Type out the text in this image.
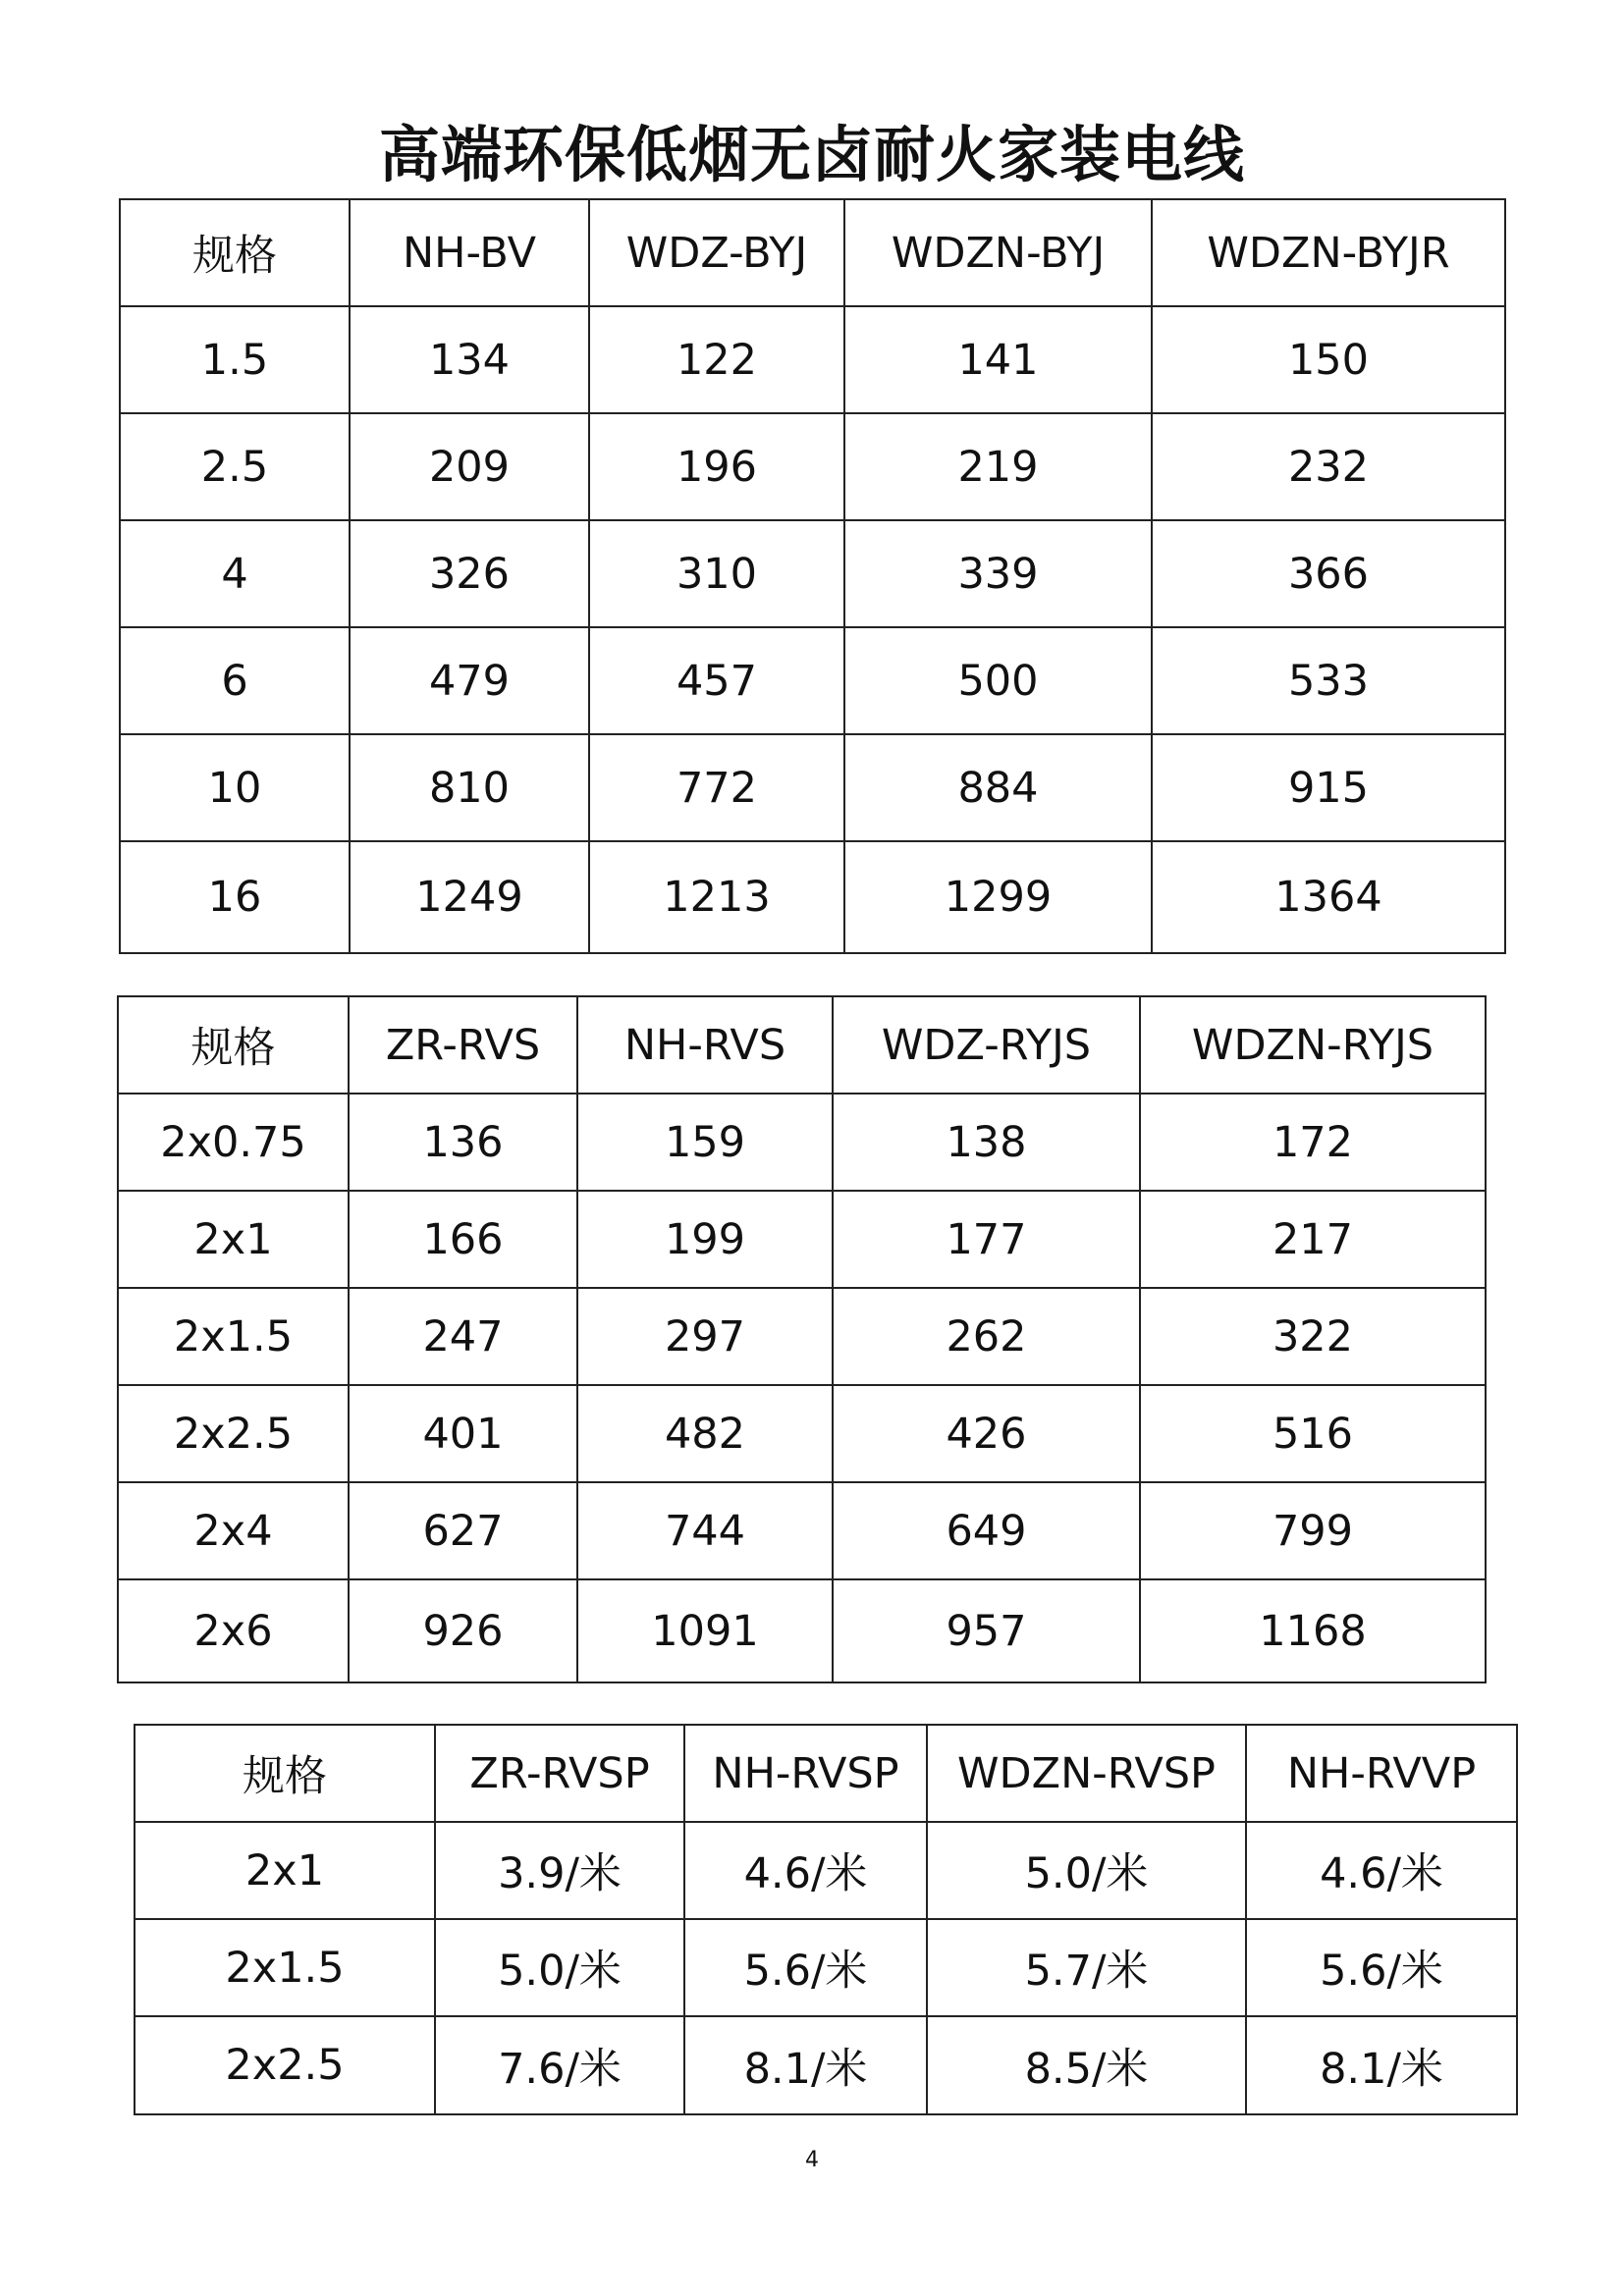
高端环保低烟无卤耐火家装电线
规格	NH-BV	WDZ-BYJ	WDZN-BYJ	WDZN-BYJR
1.5	134	122	141	150
2.5	209	196	219	232
4	326	310	339	366
6	479	457	500	533
10	810	772	884	915
16	1249	1213	1299	1364
规格	ZR-RVS	NH-RVS	WDZ-RYJS	WDZN-RYJS
2x0.75	136	159	138	172
2x1	166	199	177	217
2x1.5	247	297	262	322
2x2.5	401	482	426	516
2x4	627	744	649	799
2x6	926	1091	957	1168
规格	ZR-RVSP	NH-RVSP	WDZN-RVSP	NH-RVVP
2x1	3.9/米	4.6/米	5.0/米	4.6/米
2x1.5	5.0/米	5.6/米	5.7/米	5.6/米
2x2.5	7.6/米	8.1/米	8.5/米	8.1/米
4
